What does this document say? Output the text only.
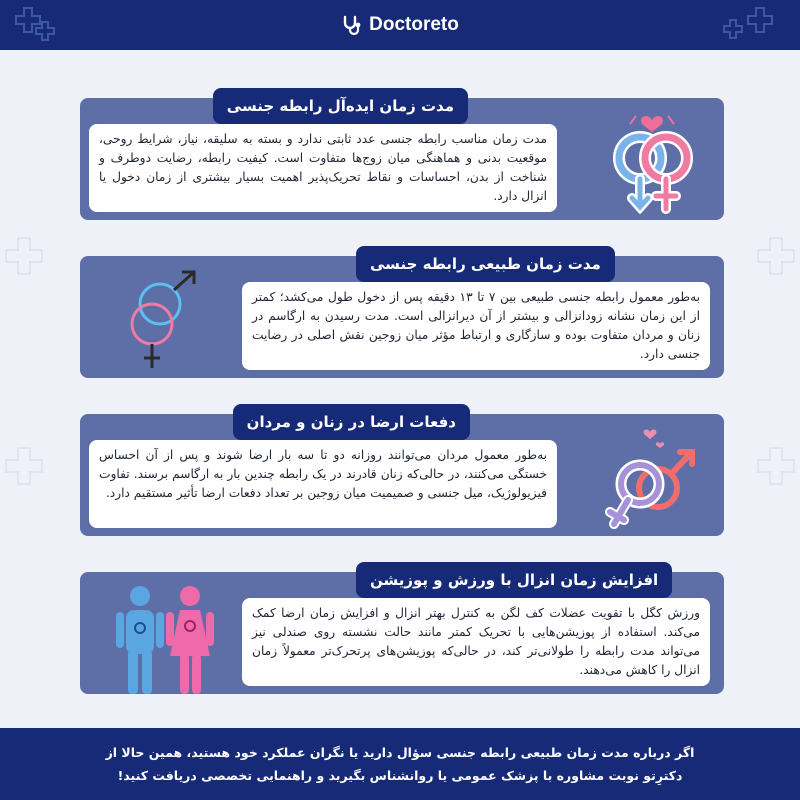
Doctoreto
مدت زمان ایده‌آل رابطه جنسی
مدت زمان مناسب رابطه جنسی عدد ثابتی ندارد و بسته به سلیقه، نیاز، شرایط روحی، موقعیت بدنی و هماهنگی میان زوج‌ها متفاوت است. کیفیت رابطه، رضایت دوطرف و شناخت از بدن، احساسات و نقاط تحریک‌پذیر اهمیت بسیار بیشتری از زمان دخول یا انزال دارد.
مدت زمان طبیعی رابطه جنسی
به‌طور معمول رابطه جنسی طبیعی بین ۷ تا ۱۳ دقیقه پس از دخول طول می‌کشد؛ کمتر از این زمان نشانه زودانزالی و بیشتر از آن دیرانزالی است. مدت رسیدن به ارگاسم در زنان و مردان متفاوت بوده و سازگاری و ارتباط مؤثر میان زوجین نقش اصلی در رضایت جنسی دارد.
دفعات ارضا در زنان و مردان
به‌طور معمول مردان می‌توانند روزانه دو تا سه بار ارضا شوند و پس از آن احساس خستگی می‌کنند، در حالی‌که زنان قادرند در یک رابطه چندین بار به ارگاسم برسند. تفاوت فیزیولوژیک، میل جنسی و صمیمیت میان زوجین بر تعداد دفعات ارضا تأثیر مستقیم دارد.
افزایش زمان انزال با ورزش و پوزیشن
ورزش کگل با تقویت عضلات کف لگن به کنترل بهتر انزال و افزایش زمان ارضا کمک می‌کند. استفاده از پوزیشن‌هایی با تحریک کمتر مانند حالت نشسته روی صندلی نیز می‌تواند مدت رابطه را طولانی‌تر کند، در حالی‌که پوزیشن‌های پرتحرک‌تر معمولاً زمان انزال را کاهش می‌دهند.
اگر درباره مدت زمان طبیعی رابطه جنسی سؤال دارید یا نگران عملکرد خود هستید، همین حالا از
دکترِتو نوبت مشاوره با پزشک عمومی یا روانشناس بگیرید و راهنمایی تخصصی دریافت کنید!
